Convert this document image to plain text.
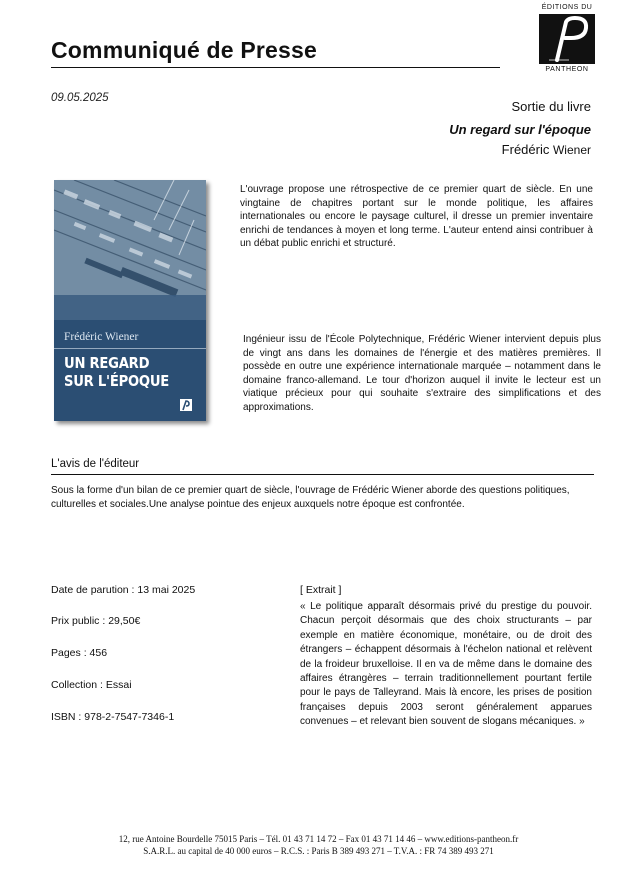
Communiqué de Presse
ÉDITIONS DU
PANTHEON
09.05.2025
Sortie du livre
Un regard sur l'époque
Frédéric Wiener
Frédéric Wiener
UN REGARD
SUR L'ÉPOQUE
L'ouvrage propose une rétrospective de ce premier quart de siècle. En une vingtaine de chapitres portant sur le monde politique, les affaires internationales ou encore le paysage culturel, il dresse un premier inventaire enrichi de tendances à moyen et long terme. L'auteur entend ainsi contribuer à un débat public enrichi et structuré.
Ingénieur issu de l'École Polytechnique, Frédéric Wiener intervient depuis plus de vingt ans dans les domaines de l'énergie et des matières premières. Il possède en outre une expérience internationale marquée – notamment dans le domaine franco-allemand. Le tour d'horizon auquel il invite le lecteur est un viatique précieux pour qui souhaite s'extraire des simplifications et des approximations.
L'avis de l'éditeur
Sous la forme d'un bilan de ce premier quart de siècle, l'ouvrage de Frédéric Wiener aborde des questions politiques, culturelles et sociales.Une analyse pointue des enjeux auxquels notre époque est confrontée.
Date de parution : 13 mai 2025
Prix public : 29,50€
Pages : 456
Collection : Essai
ISBN : 978-2-7547-7346-1
[ Extrait ]
« Le politique apparaît désormais privé du prestige du pouvoir. Chacun perçoit désormais que des choix structurants – par exemple en matière économique, monétaire, ou de droit des étrangers – échappent désormais à l'échelon national et relèvent de la froideur bruxelloise. Il en va de même dans le domaine des affaires étrangères – terrain traditionnellement pourtant fertile pour le pays de Talleyrand. Mais là encore, les prises de position françaises depuis 2003 seront généralement apparues convenues – et relevant bien souvent de slogans mécaniques. »
12, rue Antoine Bourdelle 75015 Paris – Tél. 01 43 71 14 72 – Fax 01 43 71 14 46 – www.editions-pantheon.fr
S.A.R.L. au capital de 40 000 euros – R.C.S. : Paris B 389 493 271 – T.V.A. : FR 74 389 493 271
